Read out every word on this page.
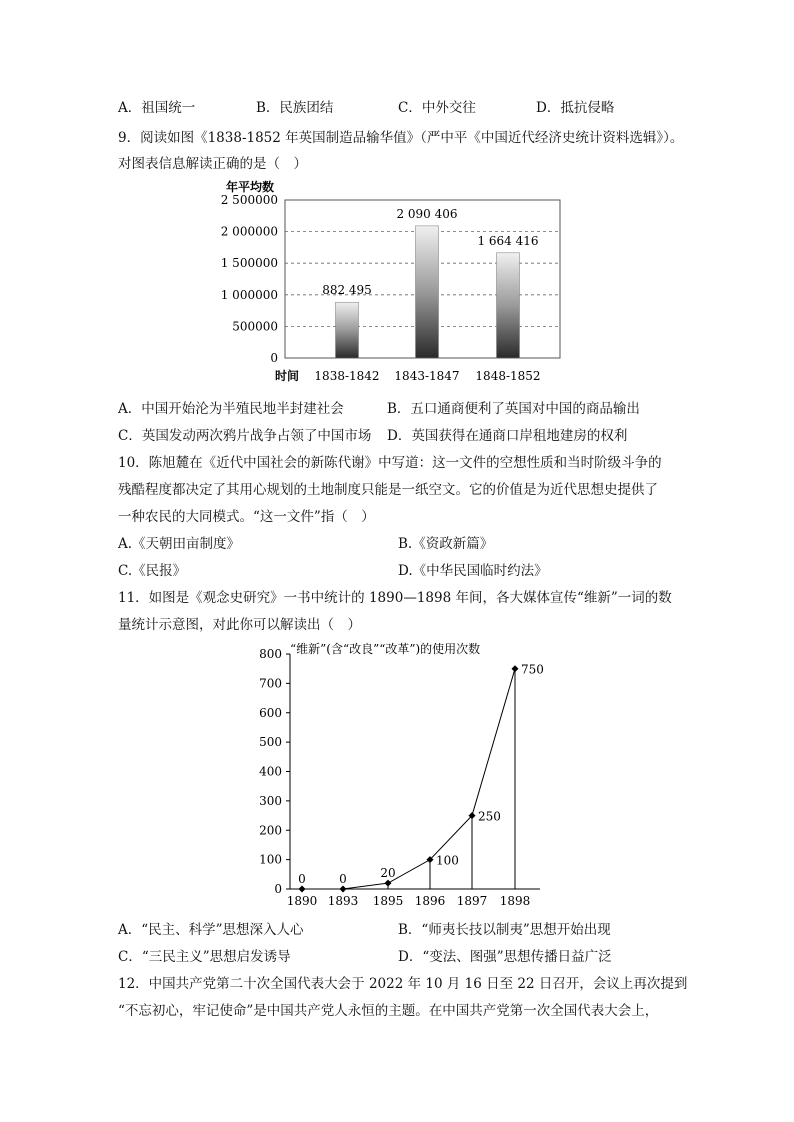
A．祖国统一	B．民族团结	C．中外交往	D．抵抗侵略
9．阅读如图《1838-1852 年英国制造品输华值》（严中平《中国近代经济史统计资料选辑》）。
对图表信息解读正确的是（　）
年平均数
0
500000
1 000000
1 500000
2 000000
2 500000
882 495
2 090 406
1 664 416
1838-1842 1843-1847 1848-1852
时间
A．中国开始沦为半殖民地半封建社会	B．五口通商便利了英国对中国的商品输出
C．英国发动两次鸦片战争占领了中国市场 D．英国获得在通商口岸租地建房的权利
10．陈旭麓在《近代中国社会的新陈代谢》中写道：这一文件的空想性质和当时阶级斗争的
残酷程度都决定了其用心规划的土地制度只能是一纸空文。它的价值是为近代思想史提供了
一种农民的大同模式。“这一文件”指（　）
A.《天朝田亩制度》	B.《资政新篇》
C.《民报》	D.《中华民国临时约法》
11．如图是《观念史研究》一书中统计的 1890—1898 年间，各大媒体宣传“维新”一词的数
量统计示意图，对此你可以解读出（　）
“维新”(含“改良”“改革”)的使用次数
0
100
200
300
400
500
600
700
800
0	0	20
100
250
750
1890 1893 1895 1896 1897 1898
A．“民主、科学”思想深入人心	B．“师夷长技以制夷”思想开始出现
C．“三民主义”思想启发诱导	D．“变法、图强”思想传播日益广泛
12．中国共产党第二十次全国代表大会于 2022 年 10 月 16 日至 22 日召开，会议上再次提到
“不忘初心，牢记使命”是中国共产党人永恒的主题。在中国共产党第一次全国代表大会上，
